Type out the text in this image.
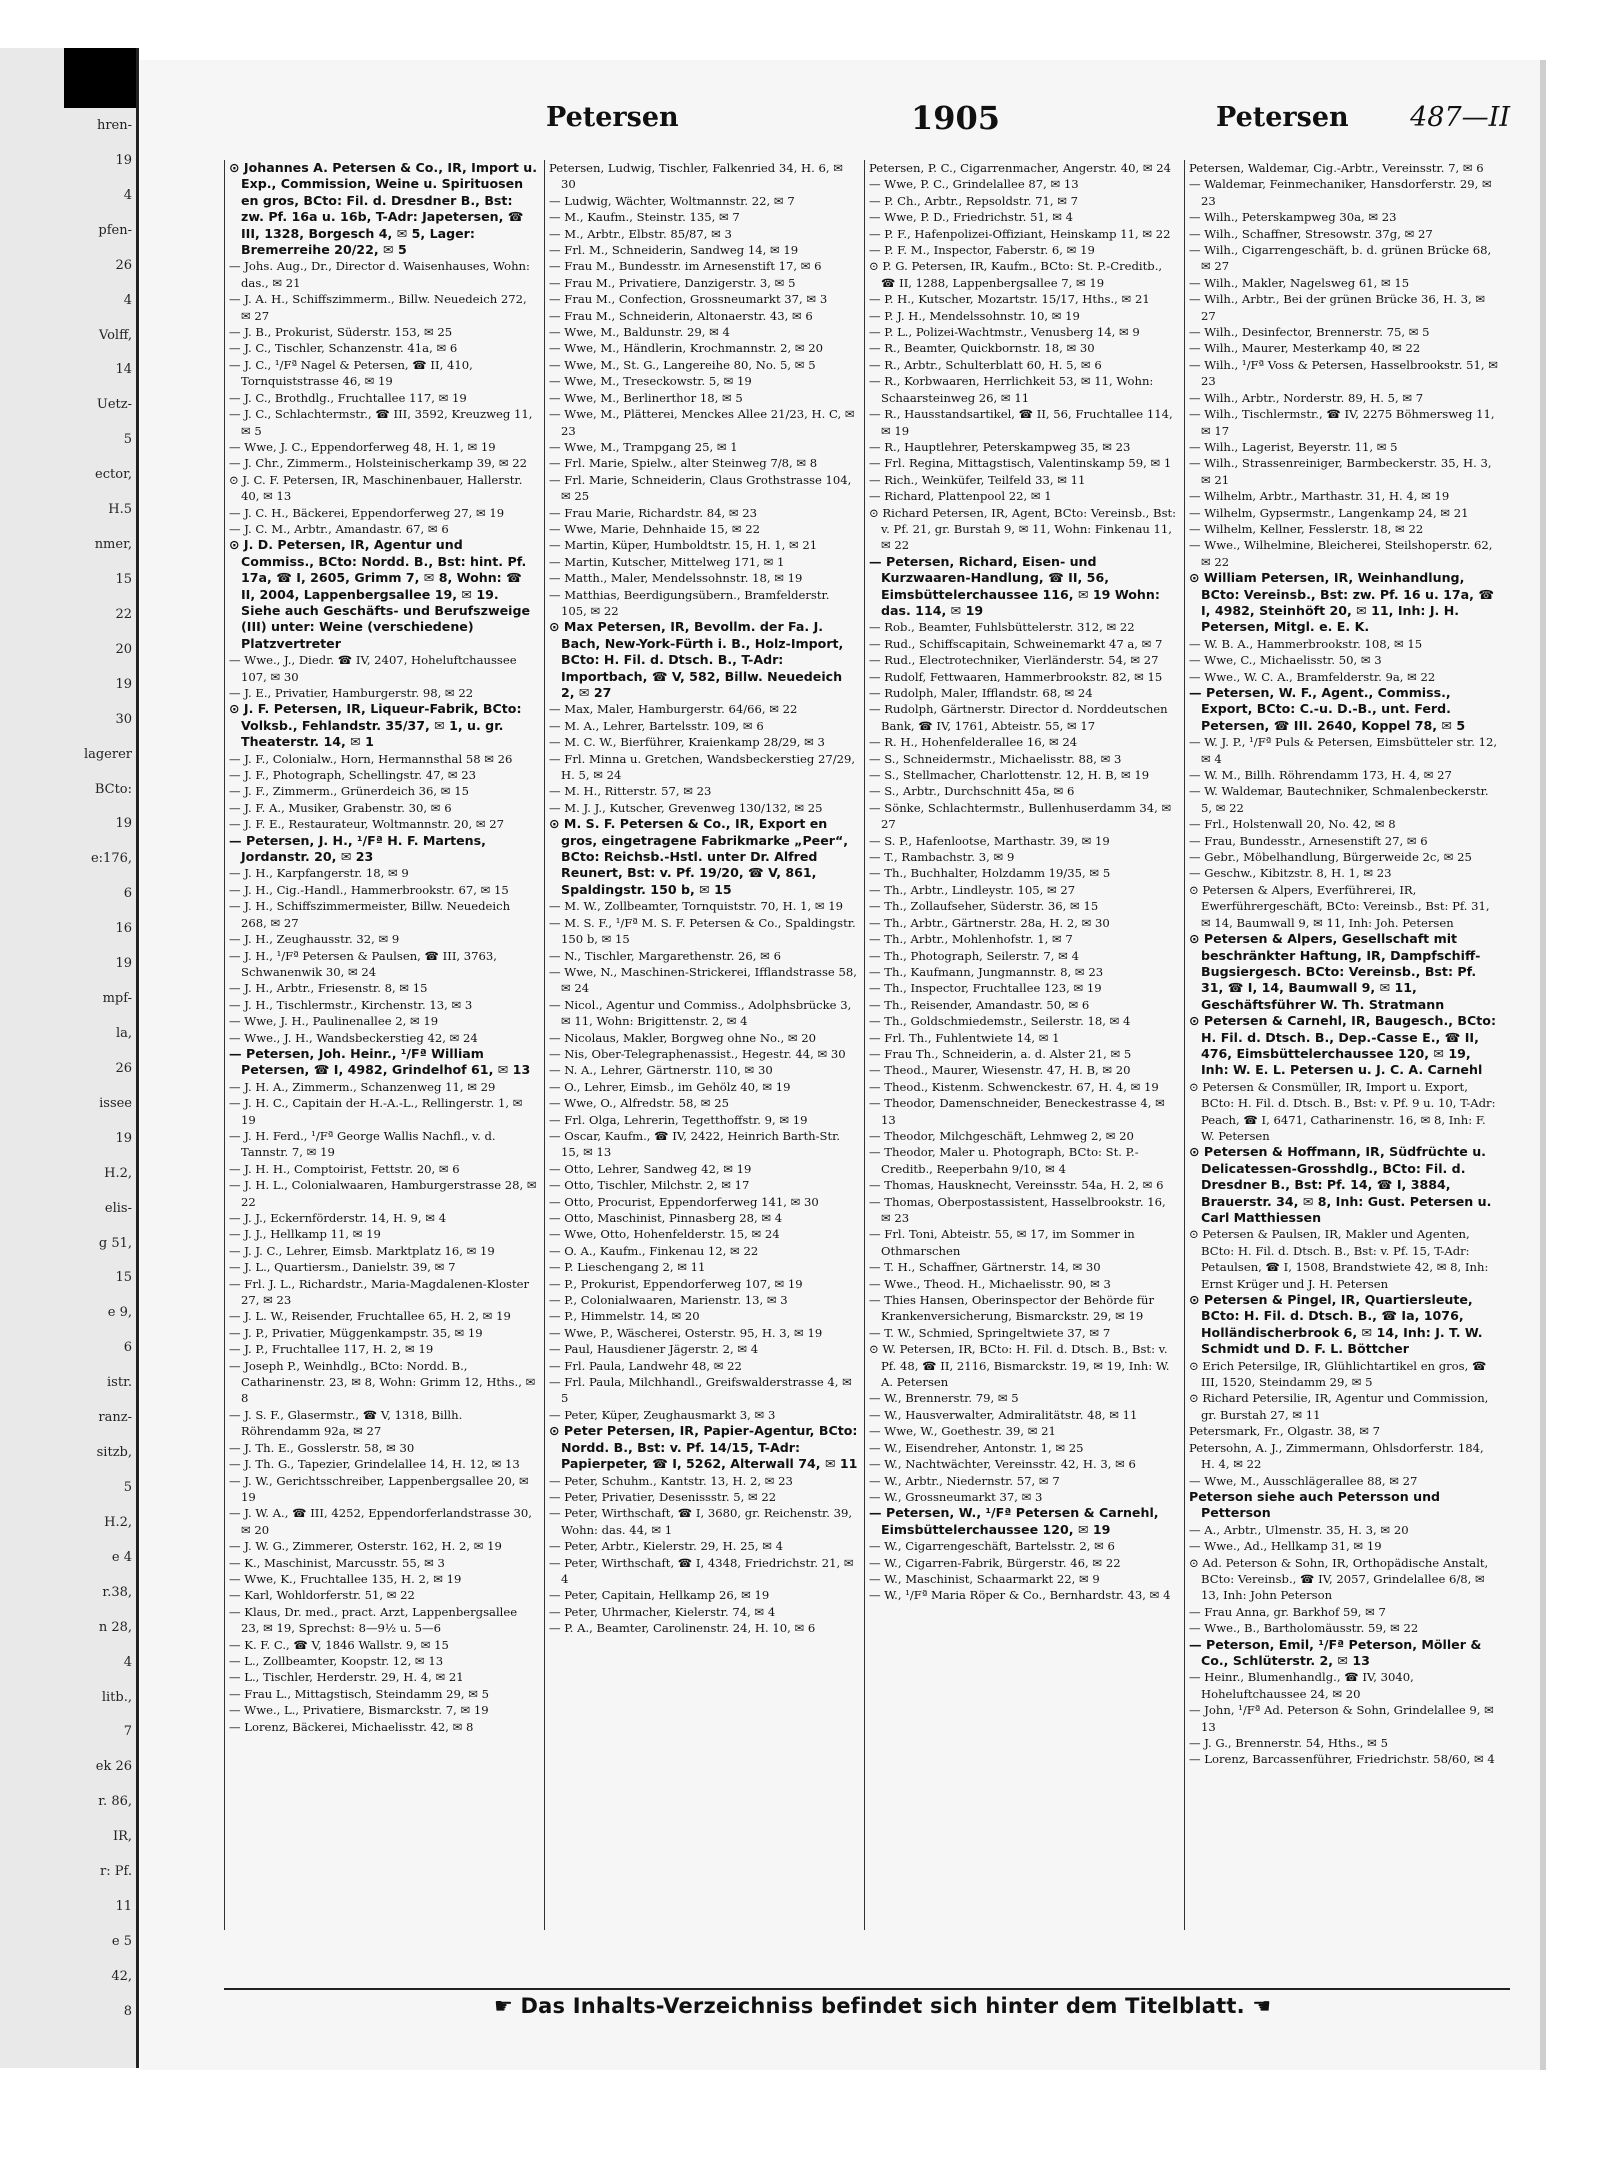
hren-
19
4
pfen-
26
4
Volff,
14
Uetz-
5
ector,
H.5
nmer,
15
22
20
19
30
lagerer
BCto:
19
e:176,
6
16
19
mpf-
la,
26
issee
19
H.2,
elis-
g 51,
15
e 9,
6
istr.
ranz-
sitzb,
5
H.2,
e 4
r.38,
n 28,
4
litb.,
7
ek 26
r. 86,
IR,
r: Pf.
11
e 5
42,
8
Petersen	1905	Petersen 487—II

⊙ Johannes A. Petersen & Co., IR, Import u. Exp., Commission, Weine u. Spirituosen en gros, BCto: Fil. d. Dresdner B., Bst: zw. Pf. 16a u. 16b, T-Adr: Japetersen, ☎ III, 1328, Borgesch 4, ✉ 5, Lager: Bremerreihe 20/22, ✉ 5

— Johs. Aug., Dr., Director d. Waisenhauses, Wohn: das., ✉ 21

— J. A. H., Schiffszimmerm., Billw. Neuedeich 272, ✉ 27

— J. B., Prokurist, Süderstr. 153, ✉ 25

— J. C., Tischler, Schanzenstr. 41a, ✉ 6

— J. C., ¹/Fª Nagel & Petersen, ☎ II, 410, Tornquiststrasse 46, ✉ 19

— J. C., Brothdlg., Fruchtallee 117, ✉ 19

— J. C., Schlachtermstr., ☎ III, 3592, Kreuzweg 11, ✉ 5

— Wwe, J. C., Eppendorferweg 48, H. 1, ✉ 19

— J. Chr., Zimmerm., Holsteinischerkamp 39, ✉ 22

⊙ J. C. F. Petersen, IR, Maschinenbauer, Hallerstr. 40, ✉ 13

— J. C. H., Bäckerei, Eppendorferweg 27, ✉ 19

— J. C. M., Arbtr., Amandastr. 67, ✉ 6

⊙ J. D. Petersen, IR, Agentur und Commiss., BCto: Nordd. B., Bst: hint. Pf. 17a, ☎ I, 2605, Grimm 7, ✉ 8, Wohn: ☎ II, 2004, Lappenbergsallee 19, ✉ 19. Siehe auch Geschäfts- und Berufszweige (III) unter: Weine (verschiedene) Platzvertreter

— Wwe., J., Diedr. ☎ IV, 2407, Hoheluftchaussee 107, ✉ 30

— J. E., Privatier, Hamburgerstr. 98, ✉ 22

⊙ J. F. Petersen, IR, Liqueur-Fabrik, BCto: Volksb., Fehlandstr. 35/37, ✉ 1, u. gr. Theaterstr. 14, ✉ 1

— J. F., Colonialw., Horn, Hermannsthal 58 ✉ 26

— J. F., Photograph, Schellingstr. 47, ✉ 23

— J. F., Zimmerm., Grünerdeich 36, ✉ 15

— J. F. A., Musiker, Grabenstr. 30, ✉ 6

— J. F. E., Restaurateur, Woltmannstr. 20, ✉ 27

— Petersen, J. H., ¹/Fª H. F. Martens, Jordanstr. 20, ✉ 23

— J. H., Karpfangerstr. 18, ✉ 9

— J. H., Cig.-Handl., Hammerbrookstr. 67, ✉ 15

— J. H., Schiffszimmermeister, Billw. Neuedeich 268, ✉ 27

— J. H., Zeughausstr. 32, ✉ 9

— J. H., ¹/Fª Petersen & Paulsen, ☎ III, 3763, Schwanenwik 30, ✉ 24

— J. H., Arbtr., Friesenstr. 8, ✉ 15

— J. H., Tischlermstr., Kirchenstr. 13, ✉ 3

— Wwe, J. H., Paulinenallee 2, ✉ 19

— Wwe., J. H., Wandsbeckerstieg 42, ✉ 24

— Petersen, Joh. Heinr., ¹/Fª William Petersen, ☎ I, 4982, Grindelhof 61, ✉ 13

— J. H. A., Zimmerm., Schanzenweg 11, ✉ 29

— J. H. C., Capitain der H.-A.-L., Rellingerstr. 1, ✉ 19

— J. H. Ferd., ¹/Fª George Wallis Nachfl., v. d. Tannstr. 7, ✉ 19

— J. H. H., Comptoirist, Fettstr. 20, ✉ 6

— J. H. L., Colonialwaaren, Hamburgerstrasse 28, ✉ 22

— J. J., Eckernförderstr. 14, H. 9, ✉ 4

— J. J., Hellkamp 11, ✉ 19

— J. J. C., Lehrer, Eimsb. Marktplatz 16, ✉ 19

— J. L., Quartiersm., Danielstr. 39, ✉ 7

— Frl. J. L., Richardstr., Maria-Magdalenen-Kloster 27, ✉ 23

— J. L. W., Reisender, Fruchtallee 65, H. 2, ✉ 19

— J. P., Privatier, Müggenkampstr. 35, ✉ 19

— J. P., Fruchtallee 117, H. 2, ✉ 19

— Joseph P., Weinhdlg., BCto: Nordd. B., Catharinenstr. 23, ✉ 8, Wohn: Grimm 12, Hths., ✉ 8

— J. S. F., Glasermstr., ☎ V, 1318, Billh. Röhrendamm 92a, ✉ 27

— J. Th. E., Gosslerstr. 58, ✉ 30

— J. Th. G., Tapezier, Grindelallee 14, H. 12, ✉ 13

— J. W., Gerichtsschreiber, Lappenbergsallee 20, ✉ 19

— J. W. A., ☎ III, 4252, Eppendorferlandstrasse 30, ✉ 20

— J. W. G., Zimmerer, Osterstr. 162, H. 2, ✉ 19

— K., Maschinist, Marcusstr. 55, ✉ 3

— Wwe, K., Fruchtallee 135, H. 2, ✉ 19

— Karl, Wohldorferstr. 51, ✉ 22

— Klaus, Dr. med., pract. Arzt, Lappenbergsallee 23, ✉ 19, Sprechst: 8—9½ u. 5—6

— K. F. C., ☎ V, 1846 Wallstr. 9, ✉ 15

— L., Zollbeamter, Koopstr. 12, ✉ 13

— L., Tischler, Herderstr. 29, H. 4, ✉ 21

— Frau L., Mittagstisch, Steindamm 29, ✉ 5

— Wwe., L., Privatiere, Bismarckstr. 7, ✉ 19

— Lorenz, Bäckerei, Michaelisstr. 42, ✉ 8

Petersen, Ludwig, Tischler, Falkenried 34, H. 6, ✉ 30

— Ludwig, Wächter, Woltmannstr. 22, ✉ 7

— M., Kaufm., Steinstr. 135, ✉ 7

— M., Arbtr., Elbstr. 85/87, ✉ 3

— Frl. M., Schneiderin, Sandweg 14, ✉ 19

— Frau M., Bundesstr. im Arnesenstift 17, ✉ 6

— Frau M., Privatiere, Danzigerstr. 3, ✉ 5

— Frau M., Confection, Grossneumarkt 37, ✉ 3

— Frau M., Schneiderin, Altonaerstr. 43, ✉ 6

— Wwe, M., Baldunstr. 29, ✉ 4

— Wwe, M., Händlerin, Krochmannstr. 2, ✉ 20

— Wwe, M., St. G., Langereihe 80, No. 5, ✉ 5

— Wwe, M., Treseckowstr. 5, ✉ 19

— Wwe, M., Berlinerthor 18, ✉ 5

— Wwe, M., Plätterei, Menckes Allee 21/23, H. C, ✉ 23

— Wwe, M., Trampgang 25, ✉ 1

— Frl. Marie, Spielw., alter Steinweg 7/8, ✉ 8

— Frl. Marie, Schneiderin, Claus Grothstrasse 104, ✉ 25

— Frau Marie, Richardstr. 84, ✉ 23

— Wwe, Marie, Dehnhaide 15, ✉ 22

— Martin, Küper, Humboldtstr. 15, H. 1, ✉ 21

— Martin, Kutscher, Mittelweg 171, ✉ 1

— Matth., Maler, Mendelssohnstr. 18, ✉ 19

— Matthias, Beerdigungsübern., Bramfelderstr. 105, ✉ 22

⊙ Max Petersen, IR, Bevollm. der Fa. J. Bach, New-York-Fürth i. B., Holz-Import, BCto: H. Fil. d. Dtsch. B., T-Adr: Importbach, ☎ V, 582, Billw. Neuedeich 2, ✉ 27

— Max, Maler, Hamburgerstr. 64/66, ✉ 22

— M. A., Lehrer, Bartelsstr. 109, ✉ 6

— M. C. W., Bierführer, Kraienkamp 28/29, ✉ 3

— Frl. Minna u. Gretchen, Wandsbeckerstieg 27/29, H. 5, ✉ 24

— M. H., Ritterstr. 57, ✉ 23

— M. J. J., Kutscher, Grevenweg 130/132, ✉ 25

⊙ M. S. F. Petersen & Co., IR, Export en gros, eingetragene Fabrikmarke „Peer“, BCto: Reichsb.-Hstl. unter Dr. Alfred Reunert, Bst: v. Pf. 19/20, ☎ V, 861, Spaldingstr. 150 b, ✉ 15

— M. W., Zollbeamter, Tornquiststr. 70, H. 1, ✉ 19

— M. S. F., ¹/Fª M. S. F. Petersen & Co., Spaldingstr. 150 b, ✉ 15

— N., Tischler, Margarethenstr. 26, ✉ 6

— Wwe, N., Maschinen-Strickerei, Ifflandstrasse 58, ✉ 24

— Nicol., Agentur und Commiss., Adolphsbrücke 3, ✉ 11, Wohn: Brigittenstr. 2, ✉ 4

— Nicolaus, Makler, Borgweg ohne No., ✉ 20

— Nis, Ober-Telegraphenassist., Hegestr. 44, ✉ 30

— N. A., Lehrer, Gärtnerstr. 110, ✉ 30

— O., Lehrer, Eimsb., im Gehölz 40, ✉ 19

— Wwe, O., Alfredstr. 58, ✉ 25

— Frl. Olga, Lehrerin, Tegetthoffstr. 9, ✉ 19

— Oscar, Kaufm., ☎ IV, 2422, Heinrich Barth-Str. 15, ✉ 13

— Otto, Lehrer, Sandweg 42, ✉ 19

— Otto, Tischler, Milchstr. 2, ✉ 17

— Otto, Procurist, Eppendorferweg 141, ✉ 30

— Otto, Maschinist, Pinnasberg 28, ✉ 4

— Wwe, Otto, Hohenfelderstr. 15, ✉ 24

— O. A., Kaufm., Finkenau 12, ✉ 22

— P. Lieschengang 2, ✉ 11

— P., Prokurist, Eppendorferweg 107, ✉ 19

— P., Colonialwaaren, Marienstr. 13, ✉ 3

— P., Himmelstr. 14, ✉ 20

— Wwe, P., Wäscherei, Osterstr. 95, H. 3, ✉ 19

— Paul, Hausdiener Jägerstr. 2, ✉ 4

— Frl. Paula, Landwehr 48, ✉ 22

— Frl. Paula, Milchhandl., Greifswalderstrasse 4, ✉ 5

— Peter, Küper, Zeughausmarkt 3, ✉ 3

⊙ Peter Petersen, IR, Papier-Agentur, BCto: Nordd. B., Bst: v. Pf. 14/15, T-Adr: Papierpeter, ☎ I, 5262, Alterwall 74, ✉ 11

— Peter, Schuhm., Kantstr. 13, H. 2, ✉ 23

— Peter, Privatier, Desenissstr. 5, ✉ 22

— Peter, Wirthschaft, ☎ I, 3680, gr. Reichenstr. 39, Wohn: das. 44, ✉ 1

— Peter, Arbtr., Kielerstr. 29, H. 25, ✉ 4

— Peter, Wirthschaft, ☎ I, 4348, Friedrichstr. 21, ✉ 4

— Peter, Capitain, Hellkamp 26, ✉ 19

— Peter, Uhrmacher, Kielerstr. 74, ✉ 4

— P. A., Beamter, Carolinenstr. 24, H. 10, ✉ 6

Petersen, P. C., Cigarrenmacher, Angerstr. 40, ✉ 24

— Wwe, P. C., Grindelallee 87, ✉ 13

— P. Ch., Arbtr., Repsoldstr. 71, ✉ 7

— Wwe, P. D., Friedrichstr. 51, ✉ 4

— P. F., Hafenpolizei-Offiziant, Heinskamp 11, ✉ 22

— P. F. M., Inspector, Faberstr. 6, ✉ 19

⊙ P. G. Petersen, IR, Kaufm., BCto: St. P.-Creditb., ☎ II, 1288, Lappenbergsallee 7, ✉ 19

— P. H., Kutscher, Mozartstr. 15/17, Hths., ✉ 21

— P. J. H., Mendelssohnstr. 10, ✉ 19

— P. L., Polizei-Wachtmstr., Venusberg 14, ✉ 9

— R., Beamter, Quickbornstr. 18, ✉ 30

— R., Arbtr., Schulterblatt 60, H. 5, ✉ 6

— R., Korbwaaren, Herrlichkeit 53, ✉ 11, Wohn: Schaarsteinweg 26, ✉ 11

— R., Hausstandsartikel, ☎ II, 56, Fruchtallee 114, ✉ 19

— R., Hauptlehrer, Peterskampweg 35, ✉ 23

— Frl. Regina, Mittagstisch, Valentinskamp 59, ✉ 1

— Rich., Weinküfer, Teilfeld 33, ✉ 11

— Richard, Plattenpool 22, ✉ 1

⊙ Richard Petersen, IR, Agent, BCto: Vereinsb., Bst: v. Pf. 21, gr. Burstah 9, ✉ 11, Wohn: Finkenau 11, ✉ 22

— Petersen, Richard, Eisen- und Kurzwaaren-Handlung, ☎ II, 56, Eimsbüttelerchaussee 116, ✉ 19 Wohn: das. 114, ✉ 19

— Rob., Beamter, Fuhlsbüttelerstr. 312, ✉ 22

— Rud., Schiffscapitain, Schweinemarkt 47 a, ✉ 7

— Rud., Electrotechniker, Vierländerstr. 54, ✉ 27

— Rudolf, Fettwaaren, Hammerbrookstr. 82, ✉ 15

— Rudolph, Maler, Ifflandstr. 68, ✉ 24

— Rudolph, Gärtnerstr. Director d. Norddeutschen Bank, ☎ IV, 1761, Abteistr. 55, ✉ 17

— R. H., Hohenfelderallee 16, ✉ 24

— S., Schneidermstr., Michaelisstr. 88, ✉ 3

— S., Stellmacher, Charlottenstr. 12, H. B, ✉ 19

— S., Arbtr., Durchschnitt 45a, ✉ 6

— Sönke, Schlachtermstr., Bullenhuserdamm 34, ✉ 27

— S. P., Hafenlootse, Marthastr. 39, ✉ 19

— T., Rambachstr. 3, ✉ 9

— Th., Buchhalter, Holzdamm 19/35, ✉ 5

— Th., Arbtr., Lindleystr. 105, ✉ 27

— Th., Zollaufseher, Süderstr. 36, ✉ 15

— Th., Arbtr., Gärtnerstr. 28a, H. 2, ✉ 30

— Th., Arbtr., Mohlenhofstr. 1, ✉ 7

— Th., Photograph, Seilerstr. 7, ✉ 4

— Th., Kaufmann, Jungmannstr. 8, ✉ 23

— Th., Inspector, Fruchtallee 123, ✉ 19

— Th., Reisender, Amandastr. 50, ✉ 6

— Th., Goldschmiedemstr., Seilerstr. 18, ✉ 4

— Frl. Th., Fuhlentwiete 14, ✉ 1

— Frau Th., Schneiderin, a. d. Alster 21, ✉ 5

— Theod., Maurer, Wiesenstr. 47, H. B, ✉ 20

— Theod., Kistenm. Schwenckestr. 67, H. 4, ✉ 19

— Theodor, Damenschneider, Beneckestrasse 4, ✉ 13

— Theodor, Milchgeschäft, Lehmweg 2, ✉ 20

— Theodor, Maler u. Photograph, BCto: St. P.-Creditb., Reeperbahn 9/10, ✉ 4

— Thomas, Hausknecht, Vereinsstr. 54a, H. 2, ✉ 6

— Thomas, Oberpostassistent, Hasselbrookstr. 16, ✉ 23

— Frl. Toni, Abteistr. 55, ✉ 17, im Sommer in Othmarschen

— T. H., Schaffner, Gärtnerstr. 14, ✉ 30

— Wwe., Theod. H., Michaelisstr. 90, ✉ 3

— Thies Hansen, Oberinspector der Behörde für Krankenversicherung, Bismarckstr. 29, ✉ 19

— T. W., Schmied, Springeltwiete 37, ✉ 7

⊙ W. Petersen, IR, BCto: H. Fil. d. Dtsch. B., Bst: v. Pf. 48, ☎ II, 2116, Bismarckstr. 19, ✉ 19, Inh: W. A. Petersen

— W., Brennerstr. 79, ✉ 5

— W., Hausverwalter, Admiralitätstr. 48, ✉ 11

— Wwe, W., Goethestr. 39, ✉ 21

— W., Eisendreher, Antonstr. 1, ✉ 25

— W., Nachtwächter, Vereinsstr. 42, H. 3, ✉ 6

— W., Arbtr., Niedernstr. 57, ✉ 7

— W., Grossneumarkt 37, ✉ 3

— Petersen, W., ¹/Fª Petersen & Carnehl, Eimsbüttelerchaussee 120, ✉ 19

— W., Cigarrengeschäft, Bartelsstr. 2, ✉ 6

— W., Cigarren-Fabrik, Bürgerstr. 46, ✉ 22

— W., Maschinist, Schaarmarkt 22, ✉ 9

— W., ¹/Fª Maria Röper & Co., Bernhardstr. 43, ✉ 4

Petersen, Waldemar, Cig.-Arbtr., Vereinsstr. 7, ✉ 6

— Waldemar, Feinmechaniker, Hansdorferstr. 29, ✉ 23

— Wilh., Peterskampweg 30a, ✉ 23

— Wilh., Schaffner, Stresowstr. 37g, ✉ 27

— Wilh., Cigarrengeschäft, b. d. grünen Brücke 68, ✉ 27

— Wilh., Makler, Nagelsweg 61, ✉ 15

— Wilh., Arbtr., Bei der grünen Brücke 36, H. 3, ✉ 27

— Wilh., Desinfector, Brennerstr. 75, ✉ 5

— Wilh., Maurer, Mesterkamp 40, ✉ 22

— Wilh., ¹/Fª Voss & Petersen, Hasselbrookstr. 51, ✉ 23

— Wilh., Arbtr., Norderstr. 89, H. 5, ✉ 7

— Wilh., Tischlermstr., ☎ IV, 2275 Böhmersweg 11, ✉ 17

— Wilh., Lagerist, Beyerstr. 11, ✉ 5

— Wilh., Strassenreiniger, Barmbeckerstr. 35, H. 3, ✉ 21

— Wilhelm, Arbtr., Marthastr. 31, H. 4, ✉ 19

— Wilhelm, Gypsermstr., Langenkamp 24, ✉ 21

— Wilhelm, Kellner, Fesslerstr. 18, ✉ 22

— Wwe., Wilhelmine, Bleicherei, Steilshoperstr. 62, ✉ 22

⊙ William Petersen, IR, Weinhandlung, BCto: Vereinsb., Bst: zw. Pf. 16 u. 17a, ☎ I, 4982, Steinhöft 20, ✉ 11, Inh: J. H. Petersen, Mitgl. e. E. K.

— W. B. A., Hammerbrookstr. 108, ✉ 15

— Wwe, C., Michaelisstr. 50, ✉ 3

— Wwe., W. C. A., Bramfelderstr. 9a, ✉ 22

— Petersen, W. F., Agent., Commiss., Export, BCto: C.-u. D.-B., unt. Ferd. Petersen, ☎ III. 2640, Koppel 78, ✉ 5

— W. J. P., ¹/Fª Puls & Petersen, Eimsbütteler str. 12, ✉ 4

— W. M., Billh. Röhrendamm 173, H. 4, ✉ 27

— W. Waldemar, Bautechniker, Schmalenbeckerstr. 5, ✉ 22

— Frl., Holstenwall 20, No. 42, ✉ 8

— Frau, Bundesstr., Arnesenstift 27, ✉ 6

— Gebr., Möbelhandlung, Bürgerweide 2c, ✉ 25

— Geschw., Kibitzstr. 8, H. 1, ✉ 23

⊙ Petersen & Alpers, Everführerei, IR, Ewerführergeschäft, BCto: Vereinsb., Bst: Pf. 31, ✉ 14, Baumwall 9, ✉ 11, Inh: Joh. Petersen

⊙ Petersen & Alpers, Gesellschaft mit beschränkter Haftung, IR, Dampfschiff-Bugsiergesch. BCto: Vereinsb., Bst: Pf. 31, ☎ I, 14, Baumwall 9, ✉ 11, Geschäftsführer W. Th. Stratmann

⊙ Petersen & Carnehl, IR, Baugesch., BCto: H. Fil. d. Dtsch. B., Dep.-Casse E., ☎ II, 476, Eimsbüttelerchaussee 120, ✉ 19, Inh: W. E. L. Petersen u. J. C. A. Carnehl

⊙ Petersen & Consmüller, IR, Import u. Export, BCto: H. Fil. d. Dtsch. B., Bst: v. Pf. 9 u. 10, T-Adr: Peach, ☎ I, 6471, Catharinenstr. 16, ✉ 8, Inh: F. W. Petersen

⊙ Petersen & Hoffmann, IR, Südfrüchte u. Delicatessen-Grosshdlg., BCto: Fil. d. Dresdner B., Bst: Pf. 14, ☎ I, 3884, Brauerstr. 34, ✉ 8, Inh: Gust. Petersen u. Carl Matthiessen

⊙ Petersen & Paulsen, IR, Makler und Agenten, BCto: H. Fil. d. Dtsch. B., Bst: v. Pf. 15, T-Adr: Petaulsen, ☎ I, 1508, Brandstwiete 42, ✉ 8, Inh: Ernst Krüger und J. H. Petersen

⊙ Petersen & Pingel, IR, Quartiersleute, BCto: H. Fil. d. Dtsch. B., ☎ Ia, 1076, Holländischerbrook 6, ✉ 14, Inh: J. T. W. Schmidt und D. F. L. Böttcher

⊙ Erich Petersilge, IR, Glühlichtartikel en gros, ☎ III, 1520, Steindamm 29, ✉ 5

⊙ Richard Petersilie, IR, Agentur und Commission, gr. Burstah 27, ✉ 11

Petersmark, Fr., Olgastr. 38, ✉ 7

Petersohn, A. J., Zimmermann, Ohlsdorferstr. 184, H. 4, ✉ 22

— Wwe, M., Ausschlägerallee 88, ✉ 27

Peterson siehe auch Petersson und Petterson

— A., Arbtr., Ulmenstr. 35, H. 3, ✉ 20

— Wwe., Ad., Hellkamp 31, ✉ 19

⊙ Ad. Peterson & Sohn, IR, Orthopädische Anstalt, BCto: Vereinsb., ☎ IV, 2057, Grindelallee 6/8, ✉ 13, Inh: John Peterson

— Frau Anna, gr. Barkhof 59, ✉ 7

— Wwe., B., Bartholomäusstr. 59, ✉ 22

— Peterson, Emil, ¹/Fª Peterson, Möller & Co., Schlüterstr. 2, ✉ 13

— Heinr., Blumenhandlg., ☎ IV, 3040, Hoheluftchaussee 24, ✉ 20

— John, ¹/Fª Ad. Peterson & Sohn, Grindelallee 9, ✉ 13

— J. G., Brennerstr. 54, Hths., ✉ 5

— Lorenz, Barcassenführer, Friedrichstr. 58/60, ✉ 4

☛ Das Inhalts-Verzeichniss befindet sich hinter dem Titelblatt. ☚
